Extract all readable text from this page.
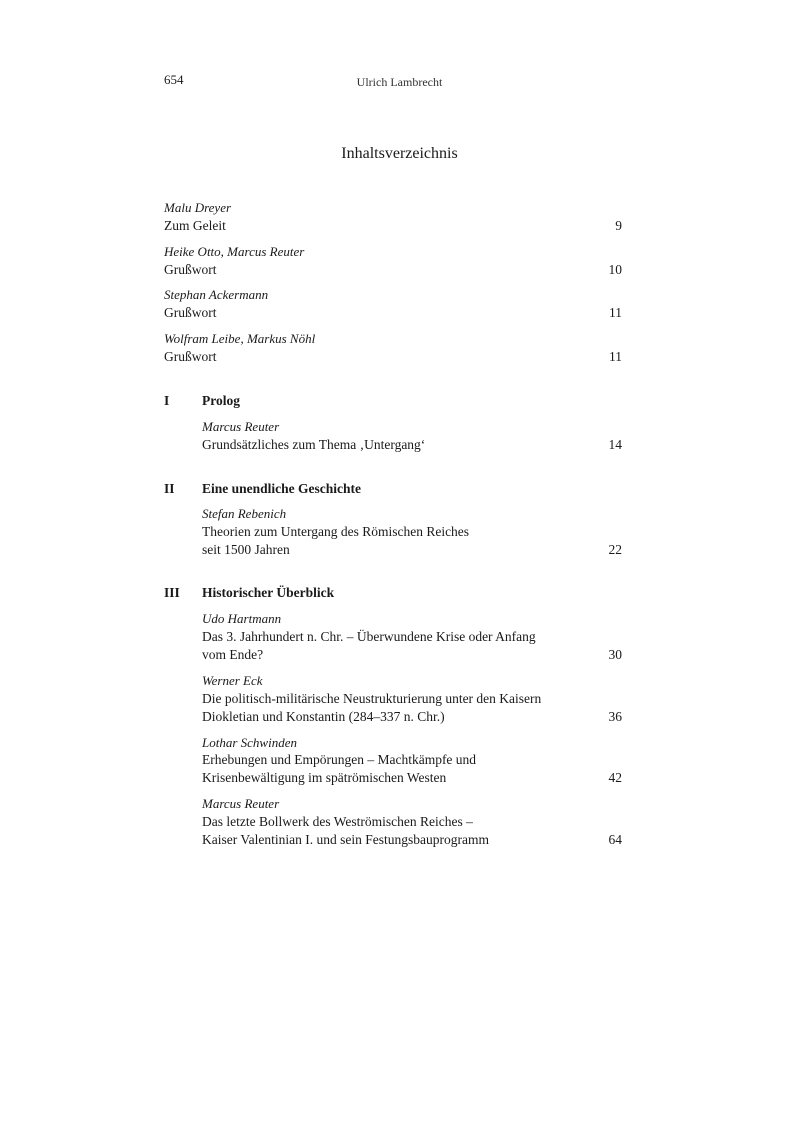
654	Ulrich Lambrecht
Inhaltsverzeichnis
Malu Dreyer
Zum Geleit	9
Heike Otto, Marcus Reuter
Grußwort	10
Stephan Ackermann
Grußwort	11
Wolfram Leibe, Markus Nöhl
Grußwort	11
I Prolog
Marcus Reuter
Grundsätzliches zum Thema ‚Untergang‘	14
II Eine unendliche Geschichte
Stefan Rebenich
Theorien zum Untergang des Römischen Reiches
seit 1500 Jahren	22
III Historischer Überblick
Udo Hartmann
Das 3. Jahrhundert n. Chr. – Überwundene Krise oder Anfang
vom Ende?	30
Werner Eck
Die politisch-militärische Neustrukturierung unter den Kaisern
Diokletian und Konstantin (284–337 n. Chr.)	36
Lothar Schwinden
Erhebungen und Empörungen – Machtkämpfe und
Krisenbewältigung im spätrömischen Westen	42
Marcus Reuter
Das letzte Bollwerk des Weströmischen Reiches –
Kaiser Valentinian I. und sein Festungsbauprogramm	64
